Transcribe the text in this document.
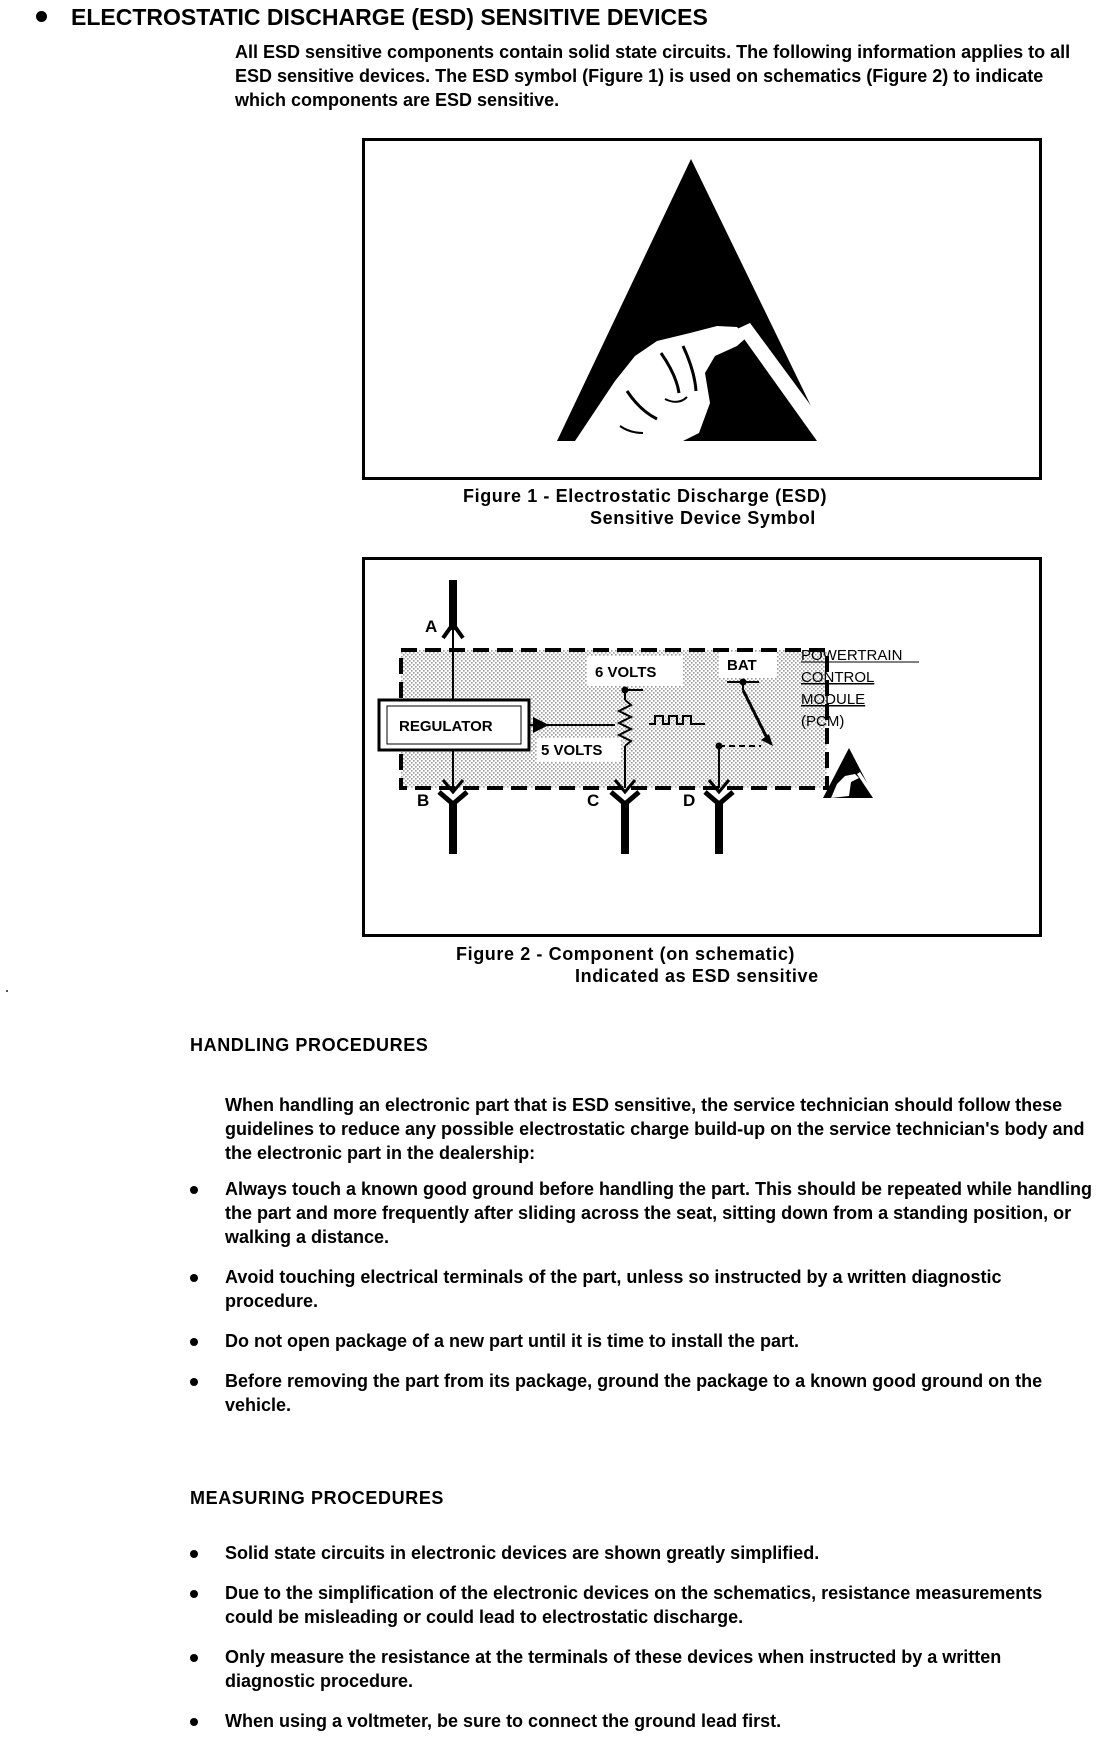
ELECTROSTATIC DISCHARGE (ESD) SENSITIVE DEVICES
All ESD sensitive components contain solid state circuits. The following information applies to all ESD sensitive devices. The ESD symbol (Figure 1) is used on schematics (Figure 2) to indicate which components are ESD sensitive.
Figure 1 - Electrostatic Discharge (ESD)
Sensitive Device Symbol
A
REGULATOR
B
6 VOLTS
5 VOLTS
C
BAT
D
POWERTRAIN
CONTROL
MODULE
(PCM)
Figure 2 - Component (on schematic)
Indicated as ESD sensitive
HANDLING PROCEDURES
When handling an electronic part that is ESD sensitive, the service technician should follow these guidelines to reduce any possible electrostatic charge build-up on the service technician's body and the electronic part in the dealership:
Always touch a known good ground before handling the part. This should be repeated while handling the part and more frequently after sliding across the seat, sitting down from a standing position, or walking a distance.
Avoid touching electrical terminals of the part, unless so instructed by a written diagnostic procedure.
Do not open package of a new part until it is time to install the part.
Before removing the part from its package, ground the package to a known good ground on the vehicle.
MEASURING PROCEDURES
Solid state circuits in electronic devices are shown greatly simplified.
Due to the simplification of the electronic devices on the schematics, resistance measurements could be misleading or could lead to electrostatic discharge.
Only measure the resistance at the terminals of these devices when instructed by a written diagnostic procedure.
When using a voltmeter, be sure to connect the ground lead first.
